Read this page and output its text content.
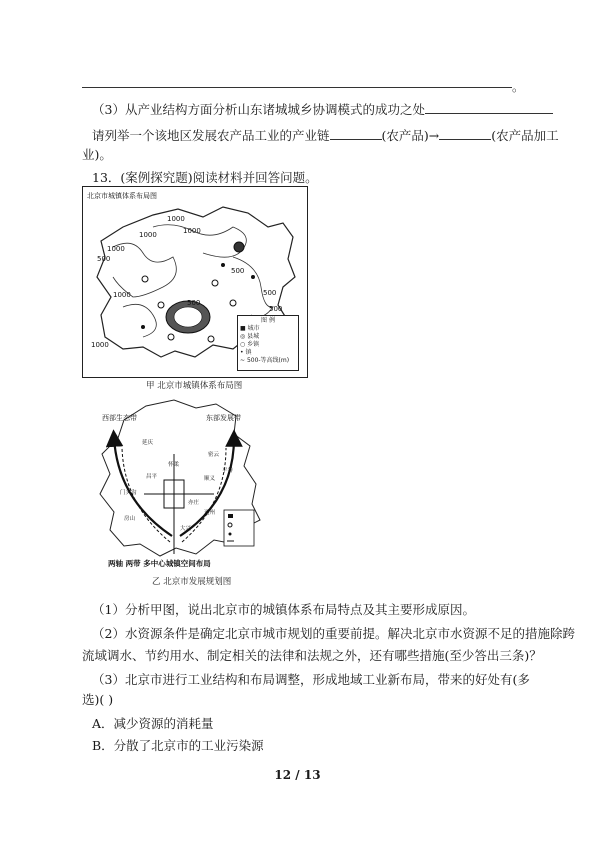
。
（3）从产业结构方面分析山东诸城城乡协调模式的成功之处
请列举一个该地区发展农产品工业的产业链	(农产品)→	(农产品加工
业)。
13．(案例探究题)阅读材料并回答问题。
北京市城镇体系布局图
1000
1000
1000
1000
1000
500
500
500
1000
500
500
图 例
■ 城市
◎ 县城
○ 乡镇
• 镇
~ 500-等高线(m)
甲 北京市城镇体系布局图
西部生态带	东部发展带
延庆
怀柔
密云
顺义
平谷
通州
大兴
房山
昌平
门头沟
亦庄
两轴 两带 多中心城镇空间布局
乙 北京市发展规划图
（1）分析甲图，说出北京市的城镇体系布局特点及其主要形成原因。
（2）水资源条件是确定北京市城市规划的重要前提。解决北京市水资源不足的措施除跨
流域调水、节约用水、制定相关的法律和法规之外，还有哪些措施(至少答出三条)？
（3）北京市进行工业结构和布局调整，形成地域工业新布局，带来的好处有(多
选)( )
A．减少资源的消耗量
B．分散了北京市的工业污染源
12 / 13
